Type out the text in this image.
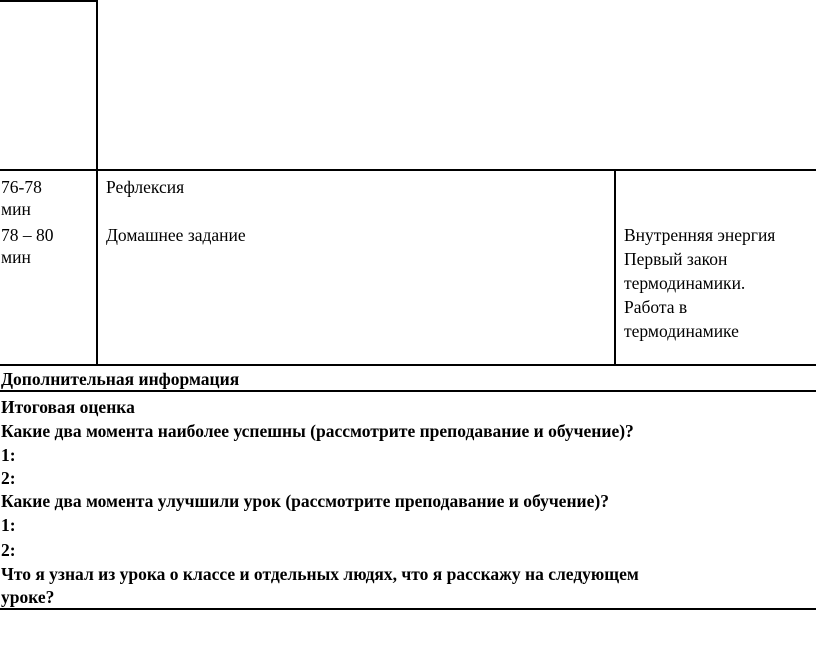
76-78
мин
78 – 80
мин
Рефлексия
Домашнее задание	Внутренняя энергия
Первый закон
термодинамики.
Работа в
термодинамике
Дополнительная информация
Итоговая оценка
Какие два момента наиболее успешны (рассмотрите преподавание и обучение)?
1:
2:
Какие два момента улучшили урок (рассмотрите преподавание и обучение)?
1:
2:
Что я узнал из урока о классе и отдельных людях, что я расскажу на следующем
уроке?
